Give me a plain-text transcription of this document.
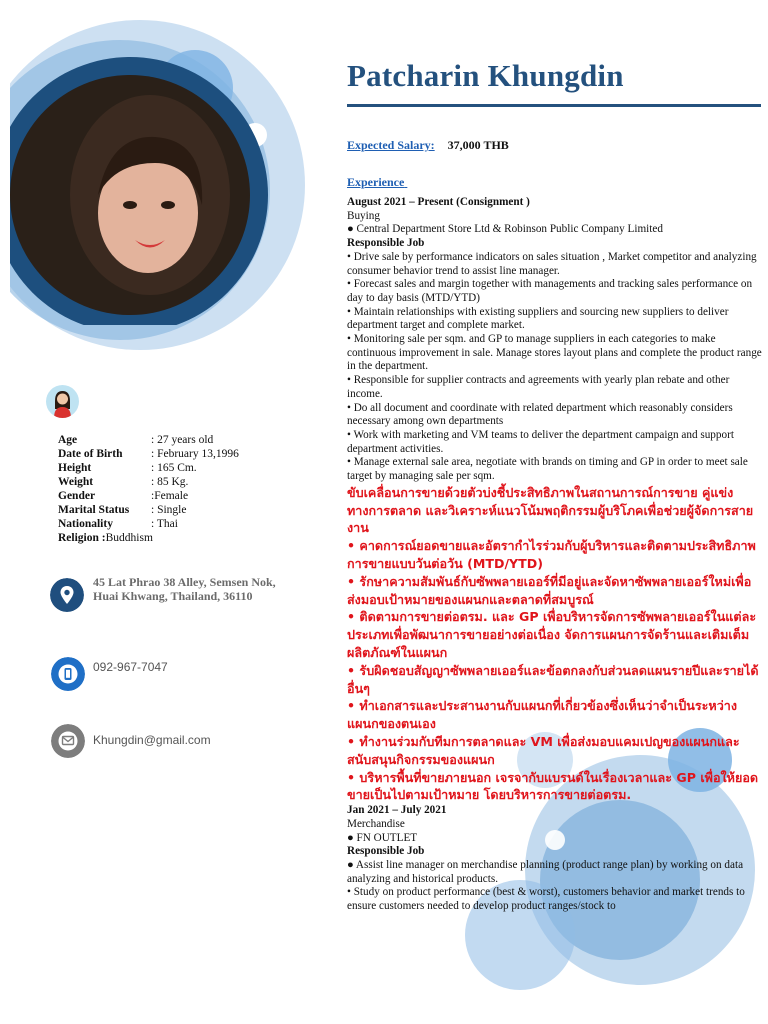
Patcharin Khungdin
Expected Salary: 37,000 THB
Experience

August 2021 – Present (Consignment )

Buying

● Central Department Store Ltd & Robinson Public Company Limited

Responsible Job

• Drive sale by performance indicators on sales situation , Market competitor and analyzing consumer behavior trend to assist line manager.

• Forecast sales and margin together with managements and tracking sales performance on day to day basis (MTD/YTD)

• Maintain relationships with existing suppliers and sourcing new suppliers to deliver department target and complete market.

• Monitoring sale per sqm. and GP to manage suppliers in each categories to make continuous improvement in sale. Manage stores layout plans and complete the product range in the department.

• Responsible for supplier contracts and agreements with yearly plan rebate and other income.

• Do all document and coordinate with related department which reasonably considers necessary among own departments

• Work with marketing and VM teams to deliver the department campaign and support department activities.

• Manage external sale area, negotiate with brands on timing and GP in order to meet sale target by managing sale per sqm.

ขับเคลื่อนการขายด้วยตัวบ่งชี้ประสิทธิภาพในสถานการณ์การขาย คู่แข่งทางการตลาด และวิเคราะห์แนวโน้มพฤติกรรมผู้บริโภคเพื่อช่วยผู้จัดการสายงาน

• คาดการณ์ยอดขายและอัตรากำไรร่วมกับผู้บริหารและติดตามประสิทธิภาพการขายแบบวันต่อวัน (MTD/YTD)

• รักษาความสัมพันธ์กับซัพพลายเออร์ที่มีอยู่และจัดหาซัพพลายเออร์ใหม่เพื่อส่งมอบเป้าหมายของแผนกและตลาดที่สมบูรณ์

• ติดตามการขายต่อตรม. และ GP เพื่อบริหารจัดการซัพพลายเออร์ในแต่ละประเภทเพื่อพัฒนาการขายอย่างต่อเนื่อง จัดการแผนการจัดร้านและเติมเต็มผลิตภัณฑ์ในแผนก

• รับผิดชอบสัญญาซัพพลายเออร์และข้อตกลงกับส่วนลดแผนรายปีและรายได้อื่นๆ

• ทำเอกสารและประสานงานกับแผนกที่เกี่ยวข้องซึ่งเห็นว่าจำเป็นระหว่างแผนกของตนเอง

• ทำงานร่วมกับทีมการตลาดและ VM เพื่อส่งมอบแคมเปญของแผนกและสนับสนุนกิจกรรมของแผนก

• บริหารพื้นที่ขายภายนอก เจรจากับแบรนด์ในเรื่องเวลาและ GP เพื่อให้ยอดขายเป็นไปตามเป้าหมาย โดยบริหารการขายต่อตรม.

Jan 2021 – July 2021

Merchandise

● FN OUTLET

Responsible Job

● Assist line manager on merchandise planning (product range plan) by working on data analyzing and historical products.

• Study on product performance (best & worst), customers behavior and market trends to ensure customers needed to develop product ranges/stock to

Age	: 27 years old
Date of Birth	: February 13,1996
Height	: 165 Cm.
Weight	: 85 Kg.
Gender	:Female
Marital Status	: Single
Nationality	: Thai
Religion : Buddhism
45 Lat Phrao 38 Alley, Semsen Nok, Huai Khwang, Thailand, 36110
092-967-7047
Khungdin@gmail.com
